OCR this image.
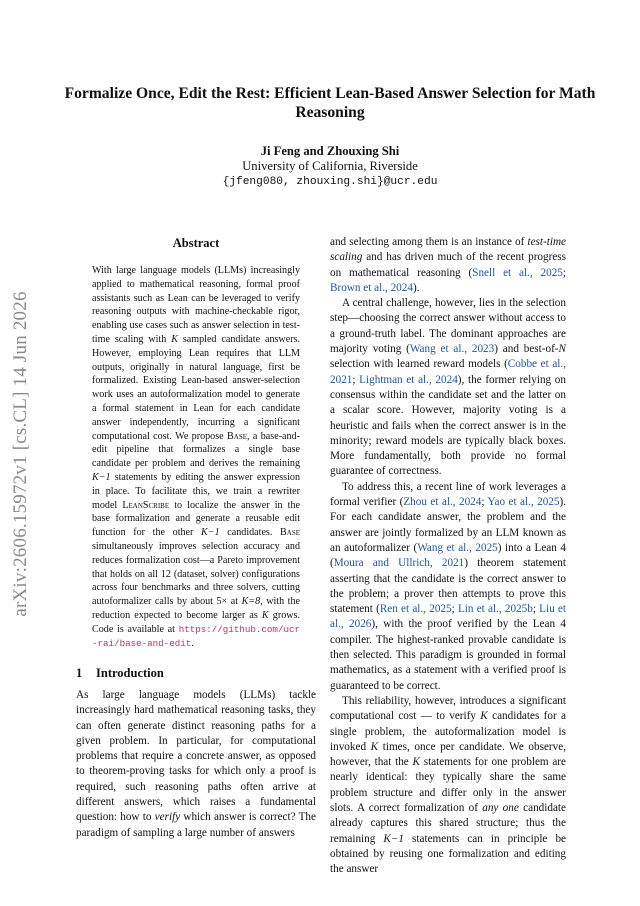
arXiv:2606.15972v1 [cs.CL] 14 Jun 2026
Formalize Once, Edit the Rest: Efficient Lean-Based Answer Selection for Math Reasoning
Ji Feng and Zhouxing Shi
University of California, Riverside
{jfeng080, zhouxing.shi}@ucr.edu
Abstract

With large language models (LLMs) increasingly applied to mathematical reasoning, formal proof assistants such as Lean can be leveraged to verify reasoning outputs with machine-checkable rigor, enabling use cases such as answer selection in test-time scaling with K sampled candidate answers. However, employing Lean requires that LLM outputs, originally in natural language, first be formalized. Existing Lean-based answer-selection work uses an autoformalization model to generate a formal statement in Lean for each candidate answer independently, incurring a significant computational cost. We propose Base, a base-and-edit pipeline that formalizes a single base candidate per problem and derives the remaining K−1 statements by editing the answer expression in place. To facilitate this, we train a rewriter model LeanScribe to localize the answer in the base formalization and generate a reusable edit function for the other K−1 candidates. Base simultaneously improves selection accuracy and reduces formalization cost—a Pareto improvement that holds on all 12 (dataset, solver) configurations across four benchmarks and three solvers, cutting autoformalizer calls by about 5× at K=8, with the reduction expected to become larger as K grows. Code is available at https://github.com/ucr-rai/base-and-edit.

1 Introduction

As large language models (LLMs) tackle increasingly hard mathematical reasoning tasks, they can often generate distinct reasoning paths for a given problem. In particular, for computational problems that require a concrete answer, as opposed to theorem-proving tasks for which only a proof is required, such reasoning paths often arrive at different answers, which raises a fundamental question: how to verify which answer is correct? The paradigm of sampling a large number of answers

and selecting among them is an instance of test-time scaling and has driven much of the recent progress on mathematical reasoning (Snell et al., 2025; Brown et al., 2024).

A central challenge, however, lies in the selection step—choosing the correct answer without access to a ground-truth label. The dominant approaches are majority voting (Wang et al., 2023) and best-of-N selection with learned reward models (Cobbe et al., 2021; Lightman et al., 2024), the former relying on consensus within the candidate set and the latter on a scalar score. However, majority voting is a heuristic and fails when the correct answer is in the minority; reward models are typically black boxes. More fundamentally, both provide no formal guarantee of correctness.

To address this, a recent line of work leverages a formal verifier (Zhou et al., 2024; Yao et al., 2025). For each candidate answer, the problem and the answer are jointly formalized by an LLM known as an autoformalizer (Wang et al., 2025) into a Lean 4 (Moura and Ullrich, 2021) theorem statement asserting that the candidate is the correct answer to the problem; a prover then attempts to prove this statement (Ren et al., 2025; Lin et al., 2025b; Liu et al., 2026), with the proof verified by the Lean 4 compiler. The highest-ranked provable candidate is then selected. This paradigm is grounded in formal mathematics, as a statement with a verified proof is guaranteed to be correct.

This reliability, however, introduces a significant computational cost — to verify K candidates for a single problem, the autoformalization model is invoked K times, once per candidate. We observe, however, that the K statements for one problem are nearly identical: they typically share the same problem structure and differ only in the answer slots. A correct formalization of any one candidate already captures this shared structure; thus the remaining K−1 statements can in principle be obtained by reusing one formalization and editing the answer
